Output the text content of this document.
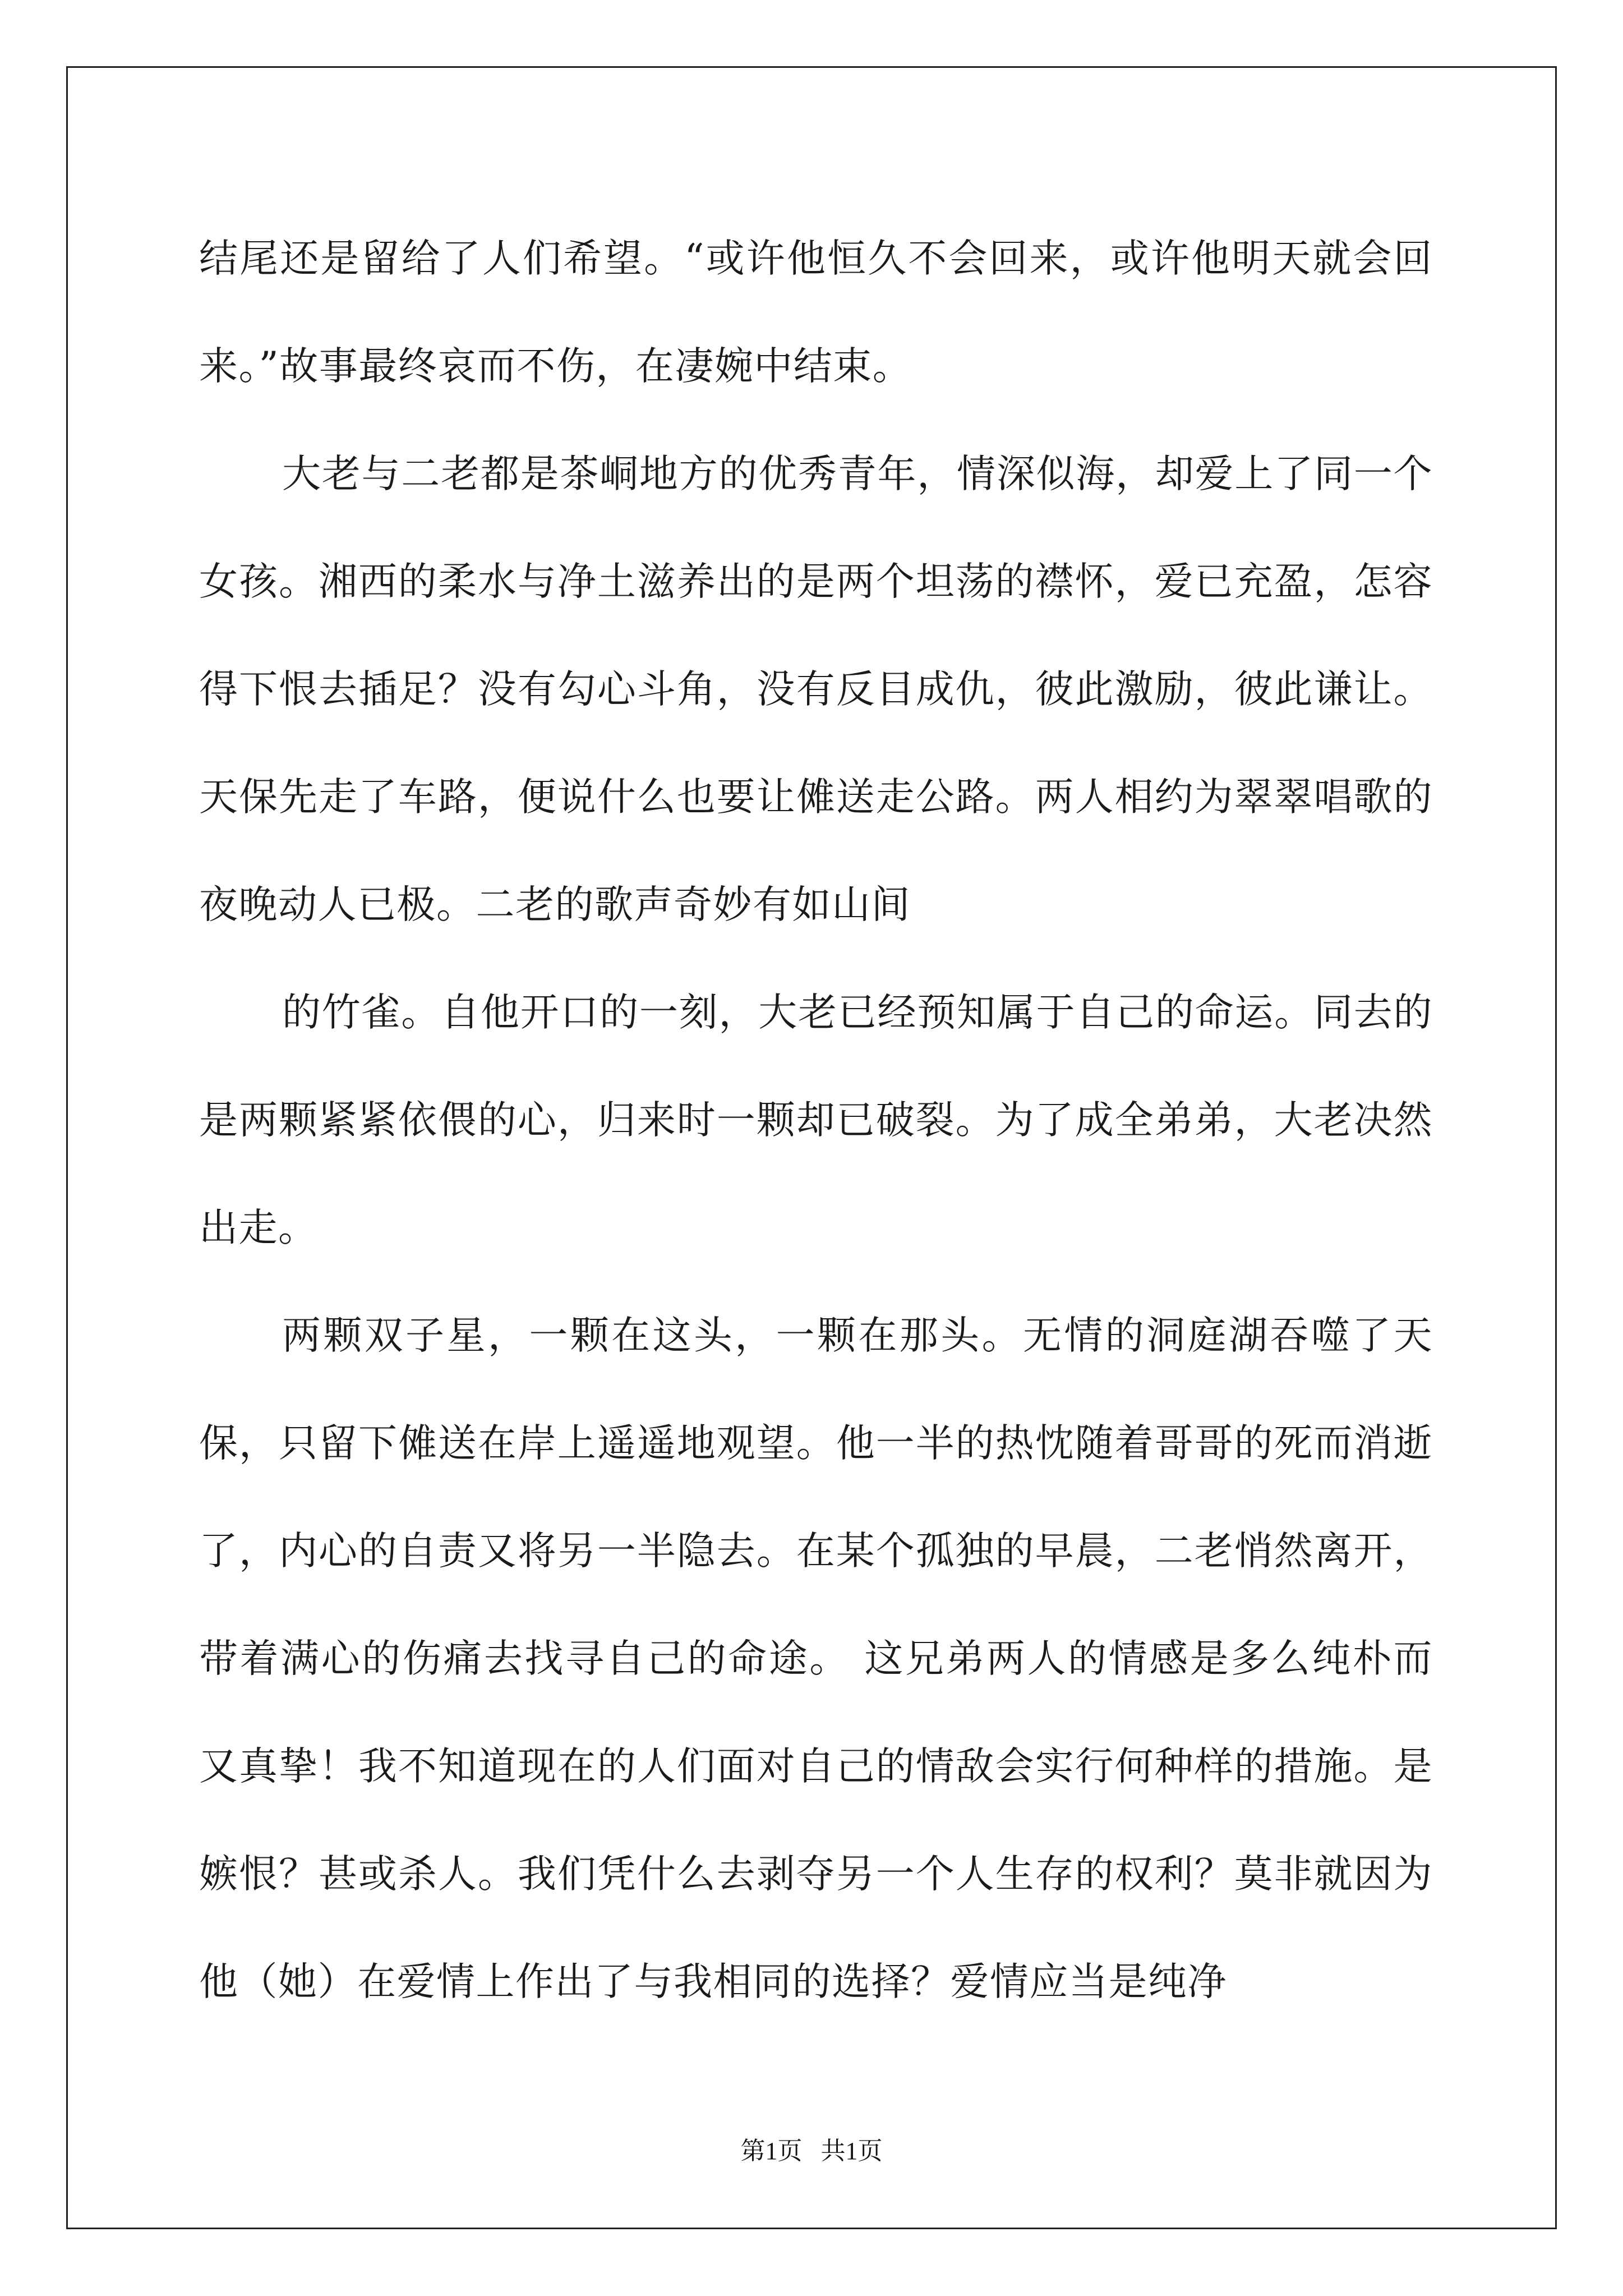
结尾还是留给了人们希望。“或许他恒久不会回来，或许他明天就会回来。”故事最终哀而不伤，在凄婉中结束。

大老与二老都是茶峒地方的优秀青年，情深似海，却爱上了同一个女孩。湘西的柔水与净土滋养出的是两个坦荡的襟怀，爱已充盈，怎容得下恨去插足？没有勾心斗角，没有反目成仇，彼此激励，彼此谦让。天保先走了车路，便说什么也要让傩送走公路。两人相约为翠翠唱歌的夜晚动人已极。二老的歌声奇妙有如山间

的竹雀。自他开口的一刻，大老已经预知属于自己的命运。同去的是两颗紧紧依偎的心，归来时一颗却已破裂。为了成全弟弟，大老决然出走。

两颗双子星，一颗在这头，一颗在那头。无情的洞庭湖吞噬了天保，只留下傩送在岸上遥遥地观望。他一半的热忱随着哥哥的死而消逝了，内心的自责又将另一半隐去。在某个孤独的早晨，二老悄然离开，带着满心的伤痛去找寻自己的命途。 这兄弟两人的情感是多么纯朴而又真挚！我不知道现在的人们面对自己的情敌会实行何种样的措施。是嫉恨？甚或杀人。我们凭什么去剥夺另一个人生存的权利？莫非就因为他（她）在爱情上作出了与我相同的选择？爱情应当是纯净

第1页 共1页
